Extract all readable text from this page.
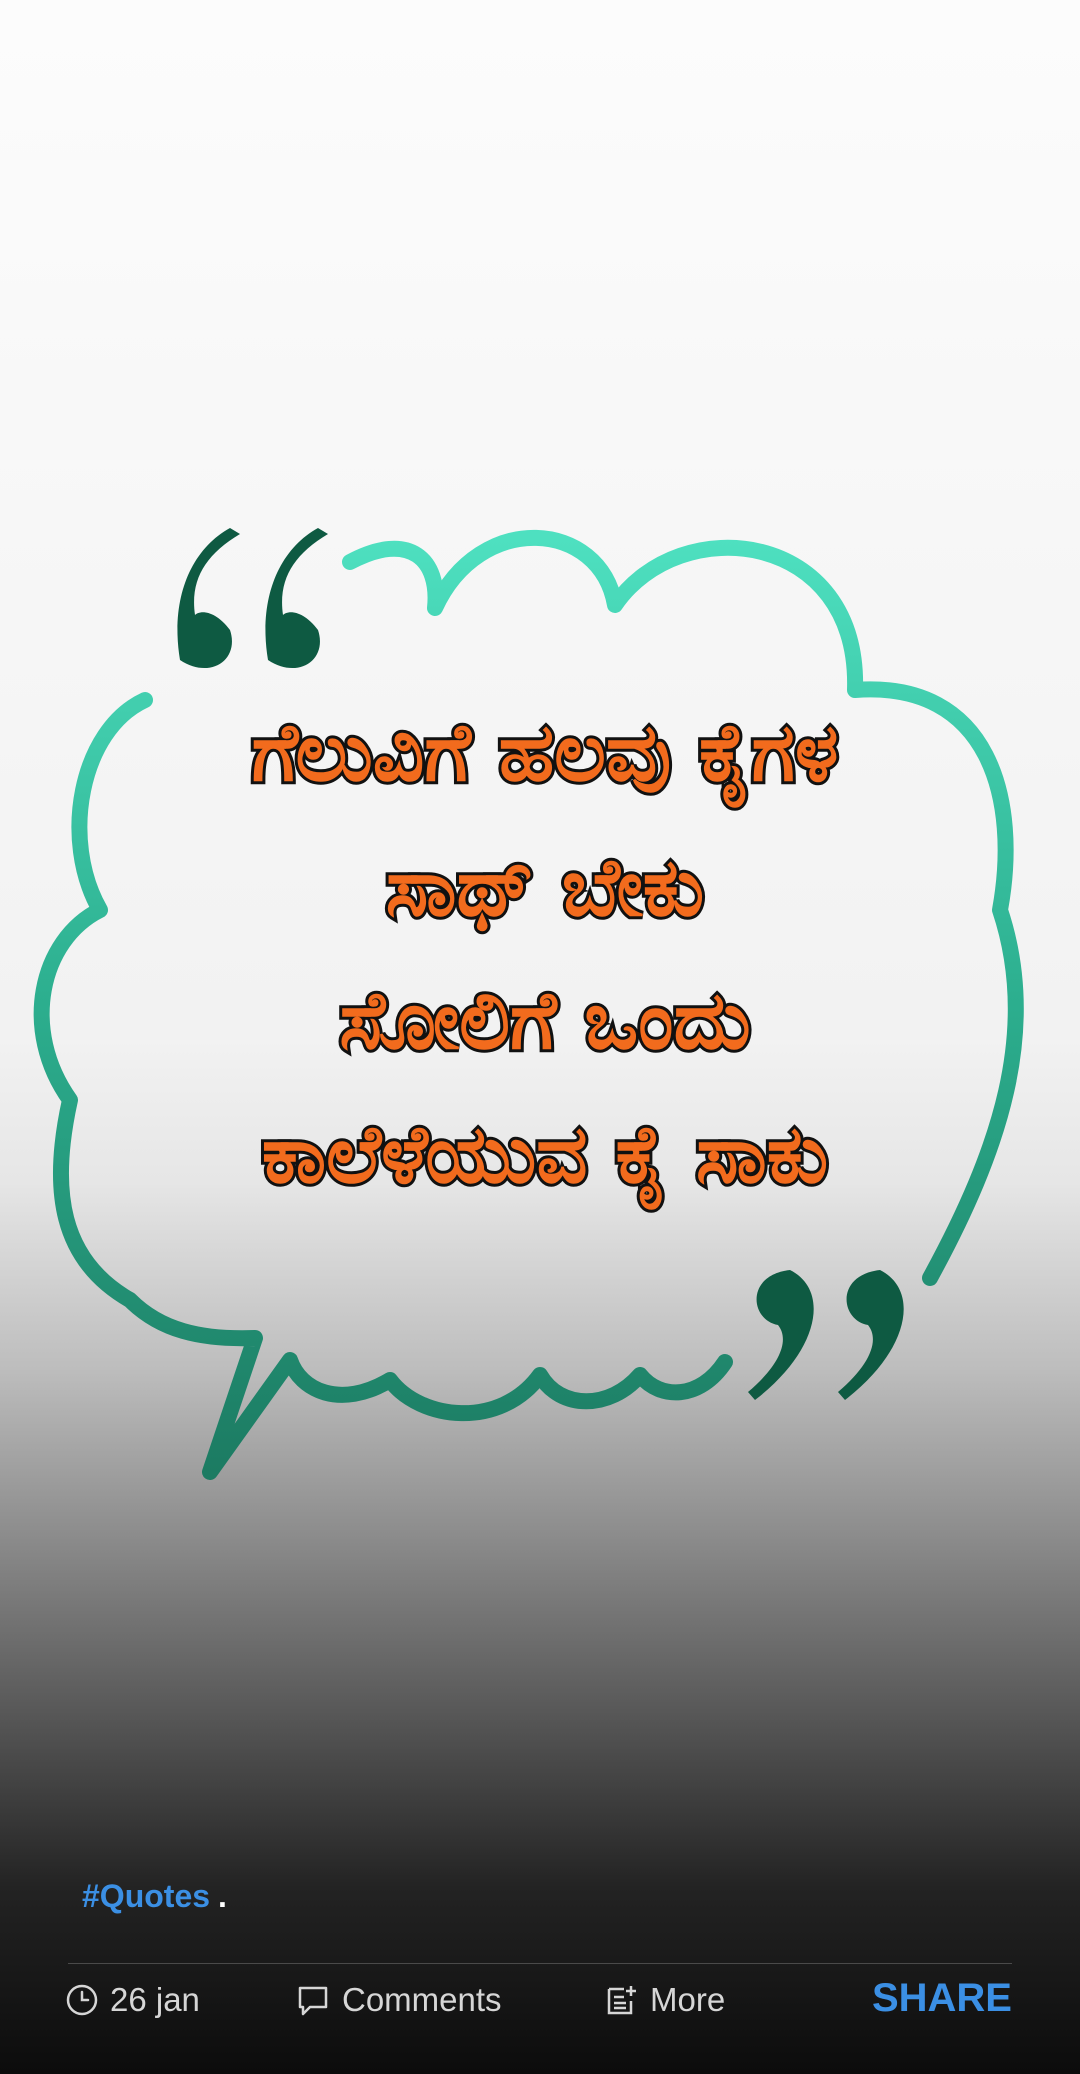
ಗೆಲುವಿಗೆ ಹಲವು ಕೈಗಳ
ಸಾಥ್ ಬೇಕು
ಸೋಲಿಗೆ ಒಂದು
ಕಾಲೆಳೆಯುವ ಕೈ ಸಾಕು
#Quotes .
26 jan	Comments	More	SHARE
